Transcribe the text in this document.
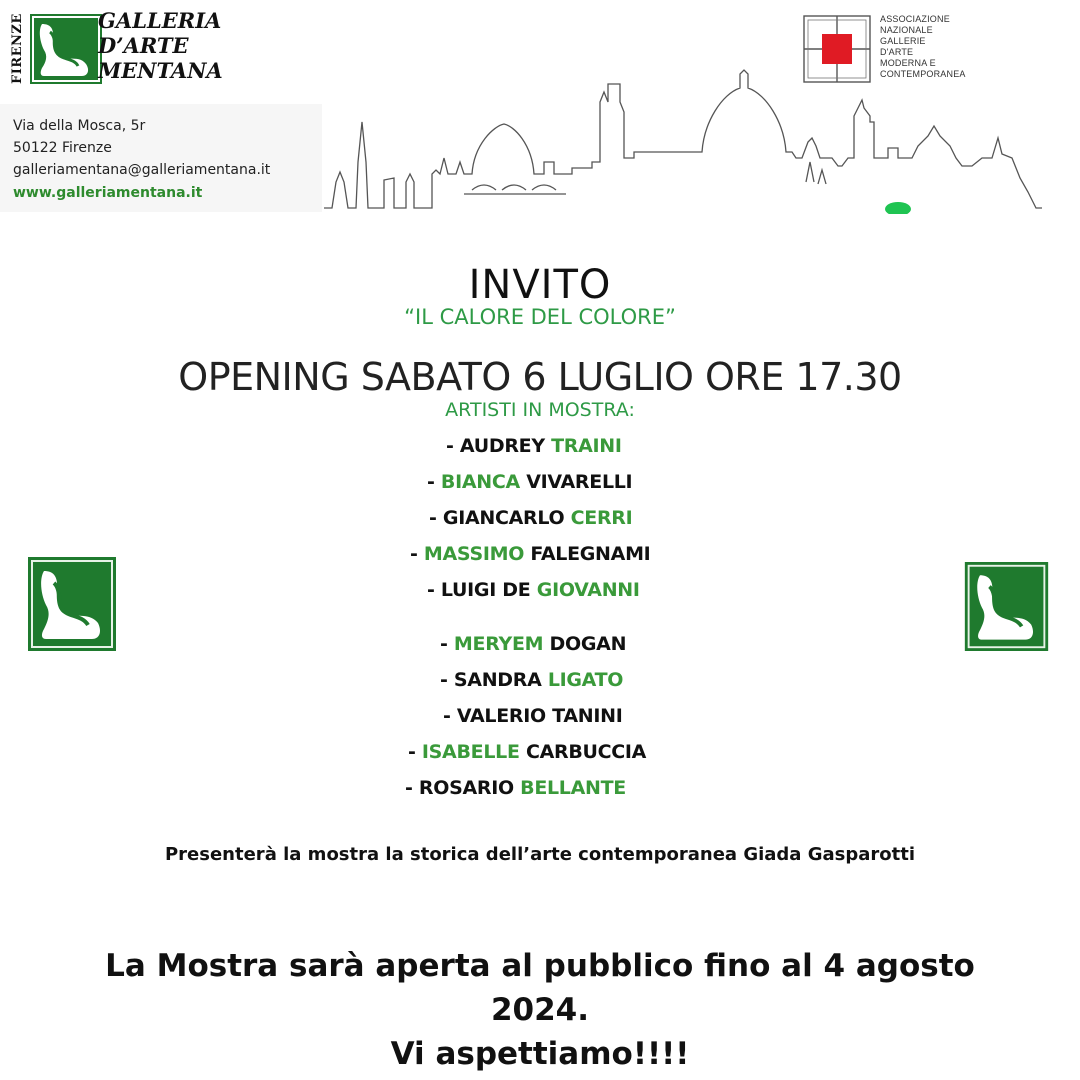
FIRENZE	GALLERIA
D’ARTE
MENTANA
Via della Mosca, 5r
50122 Firenze
galleriamentana@galleriamentana.it
www.galleriamentana.it
ASSOCIAZIONE
NAZIONALE
GALLERIE
D'ARTE
MODERNA E
CONTEMPORANEA
INVITO
“IL CALORE DEL COLORE”
OPENING SABATO 6 LUGLIO ORE 17.30
ARTISTI IN MOSTRA:
- AUDREY TRAINI
- BIANCA VIVARELLI
- GIANCARLO CERRI
- MASSIMO FALEGNAMI
- LUIGI DE GIOVANNI
- MERYEM DOGAN
- SANDRA LIGATO
- VALERIO TANINI
- ISABELLE CARBUCCIA
- ROSARIO BELLANTE
Presenterà la mostra la storica dell’arte contemporanea Giada Gasparotti
La Mostra sarà aperta al pubblico fino al 4 agosto
2024.
Vi aspettiamo!!!!
